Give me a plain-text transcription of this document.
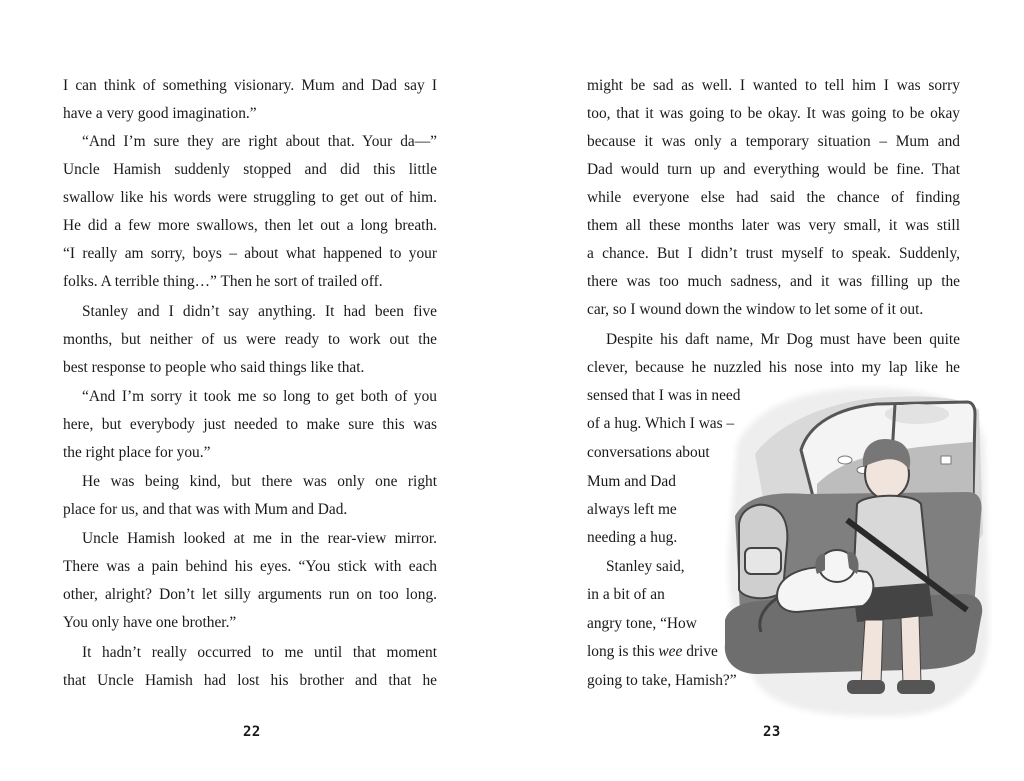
I can think of something visionary. Mum and Dad say I
have a very good imagination.”
“And I’m sure they are right about that. Your da—”
Uncle Hamish suddenly stopped and did this little
swallow like his words were struggling to get out of him.
He did a few more swallows, then let out a long breath.
“I really am sorry, boys – about what happened to your
folks. A terrible thing…” Then he sort of trailed off.
Stanley and I didn’t say anything. It had been five
months, but neither of us were ready to work out the
best response to people who said things like that.
“And I’m sorry it took me so long to get both of you
here, but everybody just needed to make sure this was
the right place for you.”
He was being kind, but there was only one right
place for us, and that was with Mum and Dad.
Uncle Hamish looked at me in the rear-view mirror.
There was a pain behind his eyes. “You stick with each
other, alright? Don’t let silly arguments run on too long.
You only have one brother.”
It hadn’t really occurred to me until that moment
that Uncle Hamish had lost his brother and that he
22
might be sad as well. I wanted to tell him I was sorry
too, that it was going to be okay. It was going to be okay
because it was only a temporary situation – Mum and
Dad would turn up and everything would be fine. That
while everyone else had said the chance of finding
them all these months later was very small, it was still
a chance. But I didn’t trust myself to speak. Suddenly,
there was too much sadness, and it was filling up the
car, so I wound down the window to let some of it out.
Despite his daft name, Mr Dog must have been quite
clever, because he nuzzled his nose into my lap like he
sensed that I was in need
of a hug. Which I was –
conversations about
Mum and Dad
always left me
needing a hug.
Stanley said,
in a bit of an
angry tone, “How
long is this wee drive
going to take, Hamish?”
23
